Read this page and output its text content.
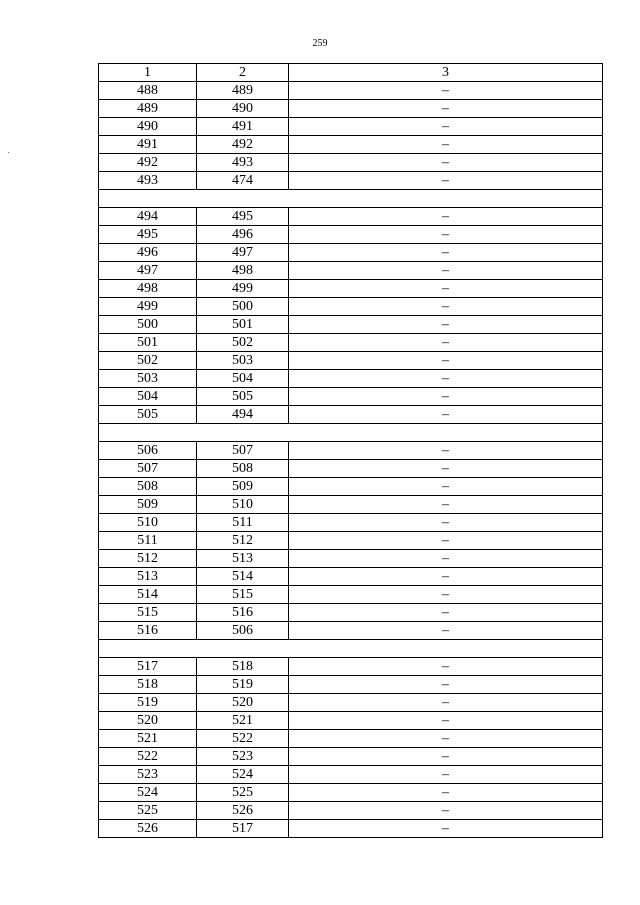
259
1	2	3
488	489	–
489	490	–
490	491	–
491	492	–
492	493	–
493	474	–

494	495	–
495	496	–
496	497	–
497	498	–
498	499	–
499	500	–
500	501	–
501	502	–
502	503	–
503	504	–
504	505	–
505	494	–

506	507	–
507	508	–
508	509	–
509	510	–
510	511	–
511	512	–
512	513	–
513	514	–
514	515	–
515	516	–
516	506	–

517	518	–
518	519	–
519	520	–
520	521	–
521	522	–
522	523	–
523	524	–
524	525	–
525	526	–
526	517	–
